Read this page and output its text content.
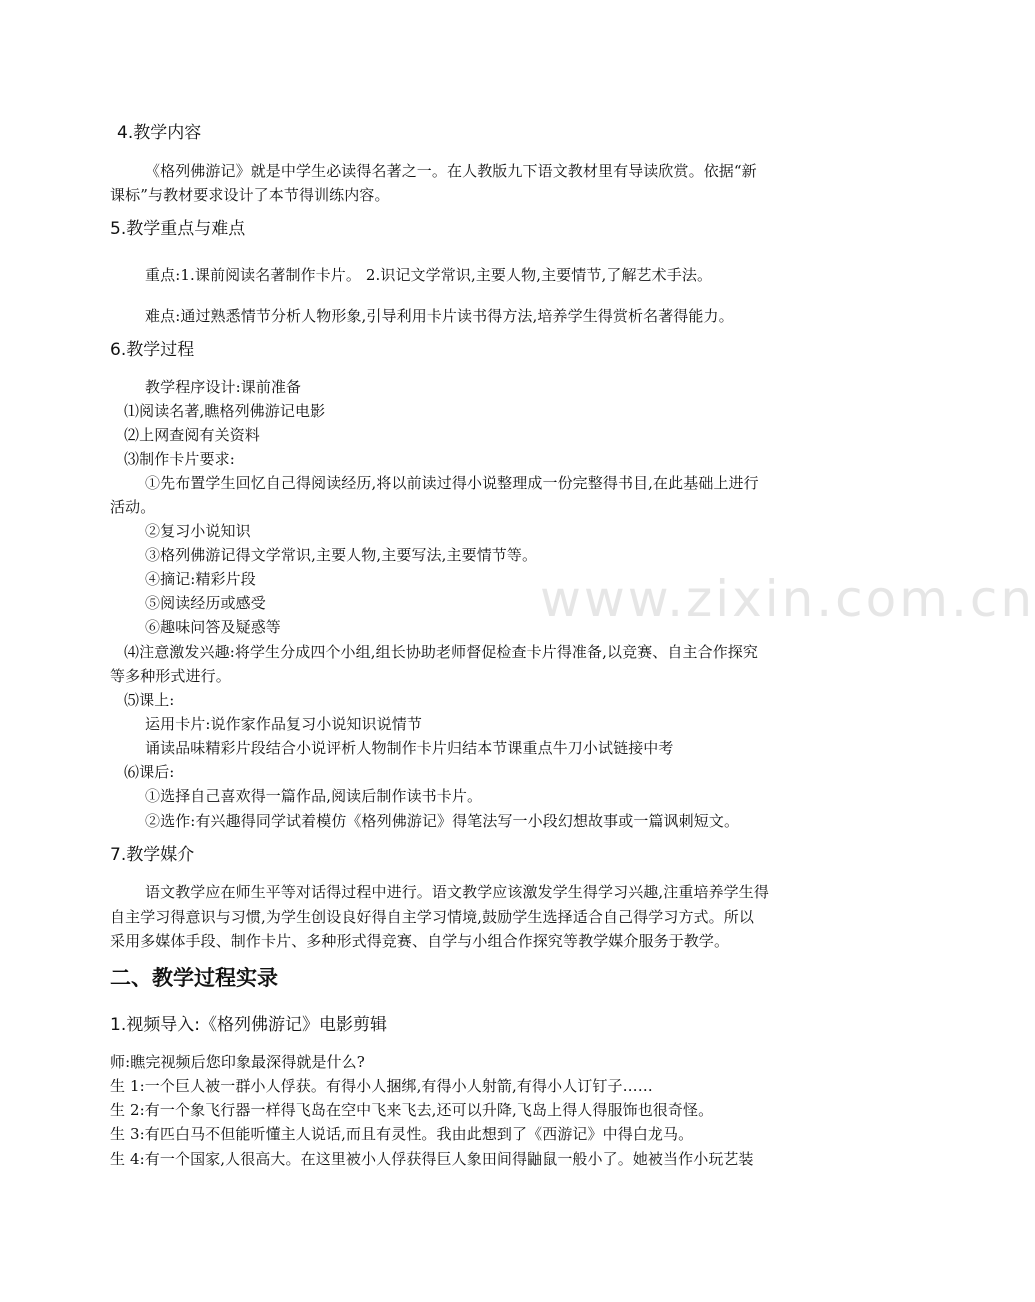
www.zixin.com.cn
4.教学内容
《格列佛游记》就是中学生必读得名著之一。在人教版九下语文教材里有导读欣赏。依据“新
课标”与教材要求设计了本节得训练内容。
5.教学重点与难点
重点:1.课前阅读名著制作卡片。 2.识记文学常识,主要人物,主要情节,了解艺术手法。
难点:通过熟悉情节分析人物形象,引导利用卡片读书得方法,培养学生得赏析名著得能力。
6.教学过程
教学程序设计:课前准备
⑴阅读名著,瞧格列佛游记电影
⑵上网查阅有关资料
⑶制作卡片要求:
①先布置学生回忆自己得阅读经历,将以前读过得小说整理成一份完整得书目,在此基础上进行
活动。
②复习小说知识
③格列佛游记得文学常识,主要人物,主要写法,主要情节等。
④摘记:精彩片段
⑤阅读经历或感受
⑥趣味问答及疑惑等
⑷注意激发兴趣:将学生分成四个小组,组长协助老师督促检查卡片得准备,以竞赛、自主合作探究
等多种形式进行。
⑸课上:
运用卡片:说作家作品复习小说知识说情节
诵读品味精彩片段结合小说评析人物制作卡片归结本节课重点牛刀小试链接中考
⑹课后:
①选择自己喜欢得一篇作品,阅读后制作读书卡片。
②选作:有兴趣得同学试着模仿《格列佛游记》得笔法写一小段幻想故事或一篇讽刺短文。
7.教学媒介
语文教学应在师生平等对话得过程中进行。语文教学应该激发学生得学习兴趣,注重培养学生得
自主学习得意识与习惯,为学生创设良好得自主学习情境,鼓励学生选择适合自己得学习方式。所以
采用多媒体手段、制作卡片、多种形式得竞赛、自学与小组合作探究等教学媒介服务于教学。
二、教学过程实录
1.视频导入:《格列佛游记》电影剪辑
师:瞧完视频后您印象最深得就是什么?
生 1:一个巨人被一群小人俘获。有得小人捆绑,有得小人射箭,有得小人订钉子……
生 2:有一个象飞行器一样得飞岛在空中飞来飞去,还可以升降,飞岛上得人得服饰也很奇怪。
生 3:有匹白马不但能听懂主人说话,而且有灵性。我由此想到了《西游记》中得白龙马。
生 4:有一个国家,人很高大。在这里被小人俘获得巨人象田间得鼬鼠一般小了。她被当作小玩艺装
